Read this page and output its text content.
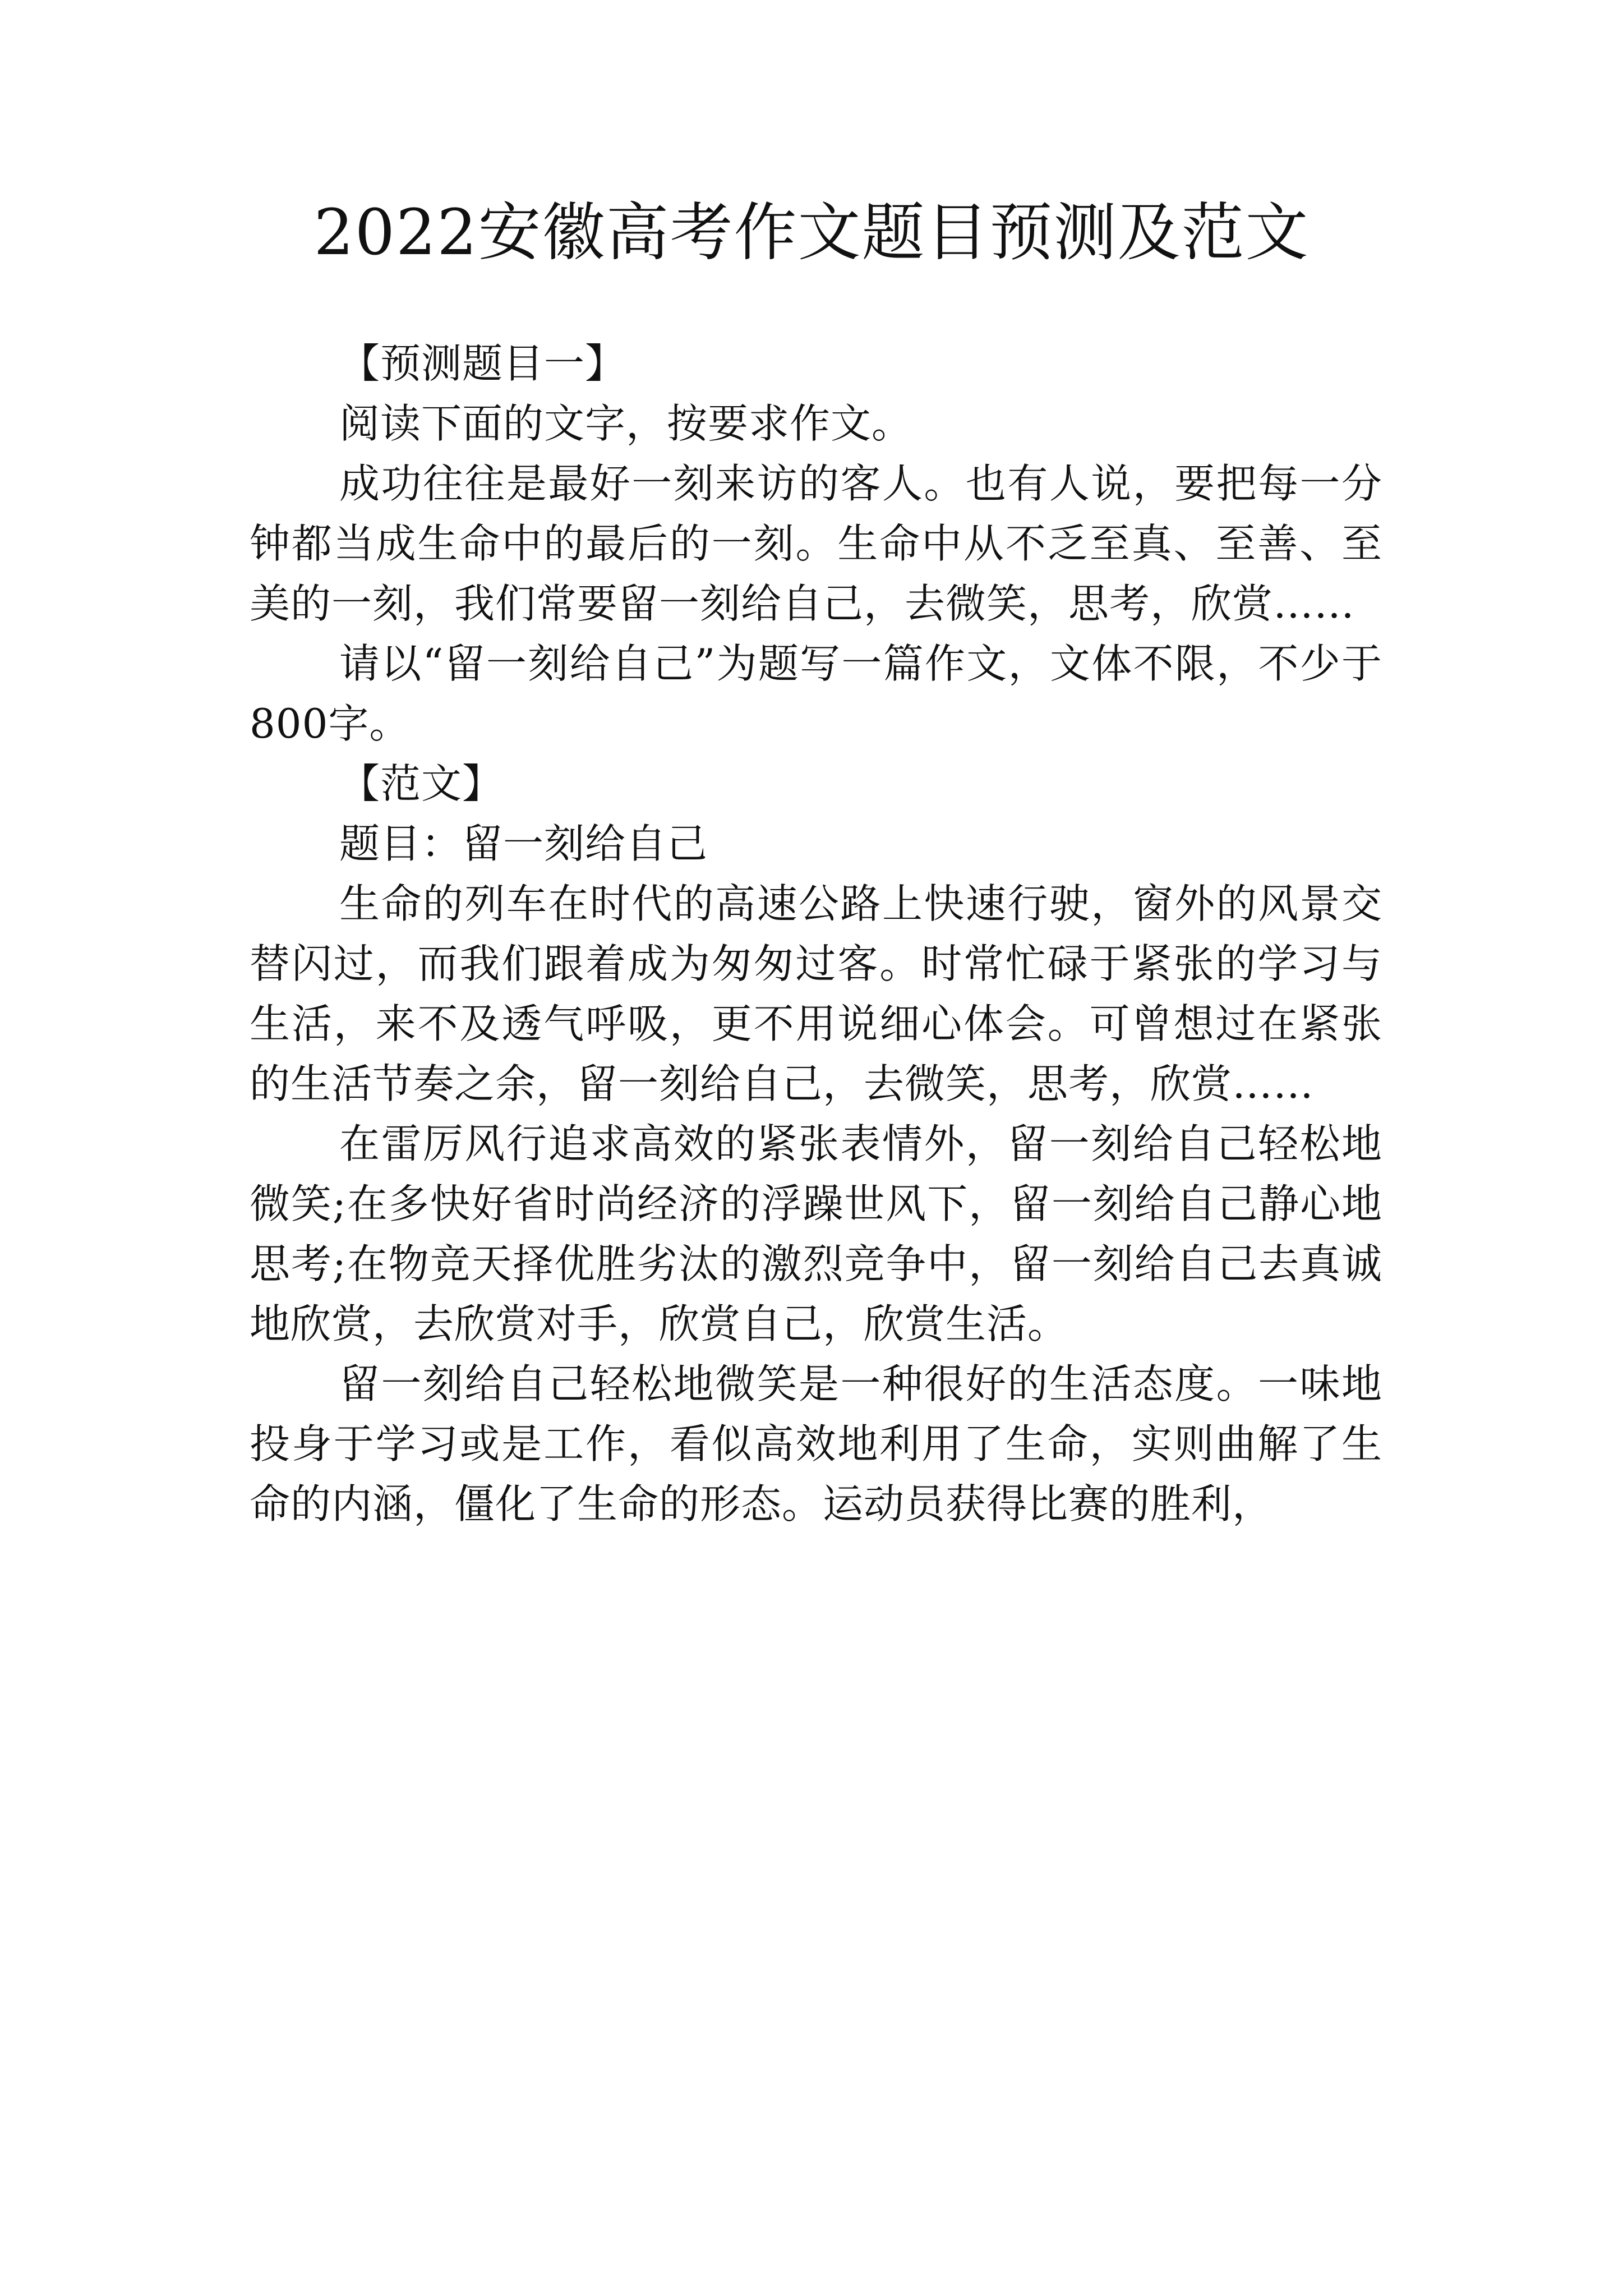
2022安徽高考作文题目预测及范文

【预测题目一】

阅读下面的文字，按要求作文。

成功往往是最好一刻来访的客人。也有人说，要把每一分钟都当成生命中的最后的一刻。生命中从不乏至真、至善、至美的一刻，我们常要留一刻给自己，去微笑，思考，欣赏……

请以“留一刻给自己”为题写一篇作文，文体不限，不少于800字。

【范文】

题目：留一刻给自己

生命的列车在时代的高速公路上快速行驶，窗外的风景交替闪过，而我们跟着成为匆匆过客。时常忙碌于紧张的学习与生活，来不及透气呼吸，更不用说细心体会。可曾想过在紧张的生活节奏之余，留一刻给自己，去微笑，思考，欣赏……

在雷厉风行追求高效的紧张表情外，留一刻给自己轻松地微笑;在多快好省时尚经济的浮躁世风下，留一刻给自己静心地思考;在物竞天择优胜劣汰的激烈竞争中，留一刻给自己去真诚地欣赏，去欣赏对手，欣赏自己，欣赏生活。

留一刻给自己轻松地微笑是一种很好的生活态度。一味地投身于学习或是工作，看似高效地利用了生命，实则曲解了生命的内涵，僵化了生命的形态。运动员获得比赛的胜利，
